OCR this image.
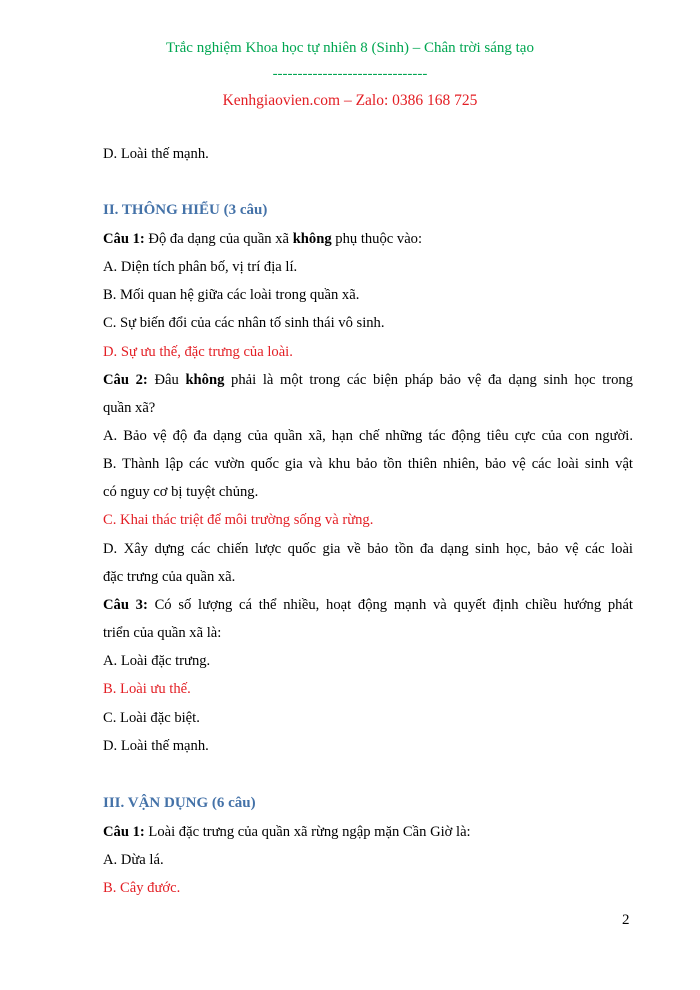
Trắc nghiệm Khoa học tự nhiên 8 (Sinh) – Chân trời sáng tạo
-------------------------------
Kenhgiaovien.com – Zalo: 0386 168 725
D. Loài thế mạnh.
II. THÔNG HIỂU (3 câu)
Câu 1: Độ đa dạng của quần xã không phụ thuộc vào:
A. Diện tích phân bố, vị trí địa lí.
B. Mối quan hệ giữa các loài trong quần xã.
C. Sự biến đổi của các nhân tố sinh thái vô sinh.
D. Sự ưu thế, đặc trưng của loài.
Câu 2: Đâu không phải là một trong các biện pháp bảo vệ đa dạng sinh học trong
quần xã?
A. Bảo vệ độ đa dạng của quần xã, hạn chế những tác động tiêu cực của con người.
B. Thành lập các vườn quốc gia và khu bảo tồn thiên nhiên, bảo vệ các loài sinh vật
có nguy cơ bị tuyệt chủng.
C. Khai thác triệt để môi trường sống và rừng.
D. Xây dựng các chiến lược quốc gia về bảo tồn đa dạng sinh học, bảo vệ các loài
đặc trưng của quần xã.
Câu 3: Có số lượng cá thể nhiều, hoạt động mạnh và quyết định chiều hướng phát
triển của quần xã là:
A. Loài đặc trưng.
B. Loài ưu thế.
C. Loài đặc biệt.
D. Loài thế mạnh.
III. VẬN DỤNG (6 câu)
Câu 1: Loài đặc trưng của quần xã rừng ngập mặn Cần Giờ là:
A. Dừa lá.
B. Cây đước.
2
